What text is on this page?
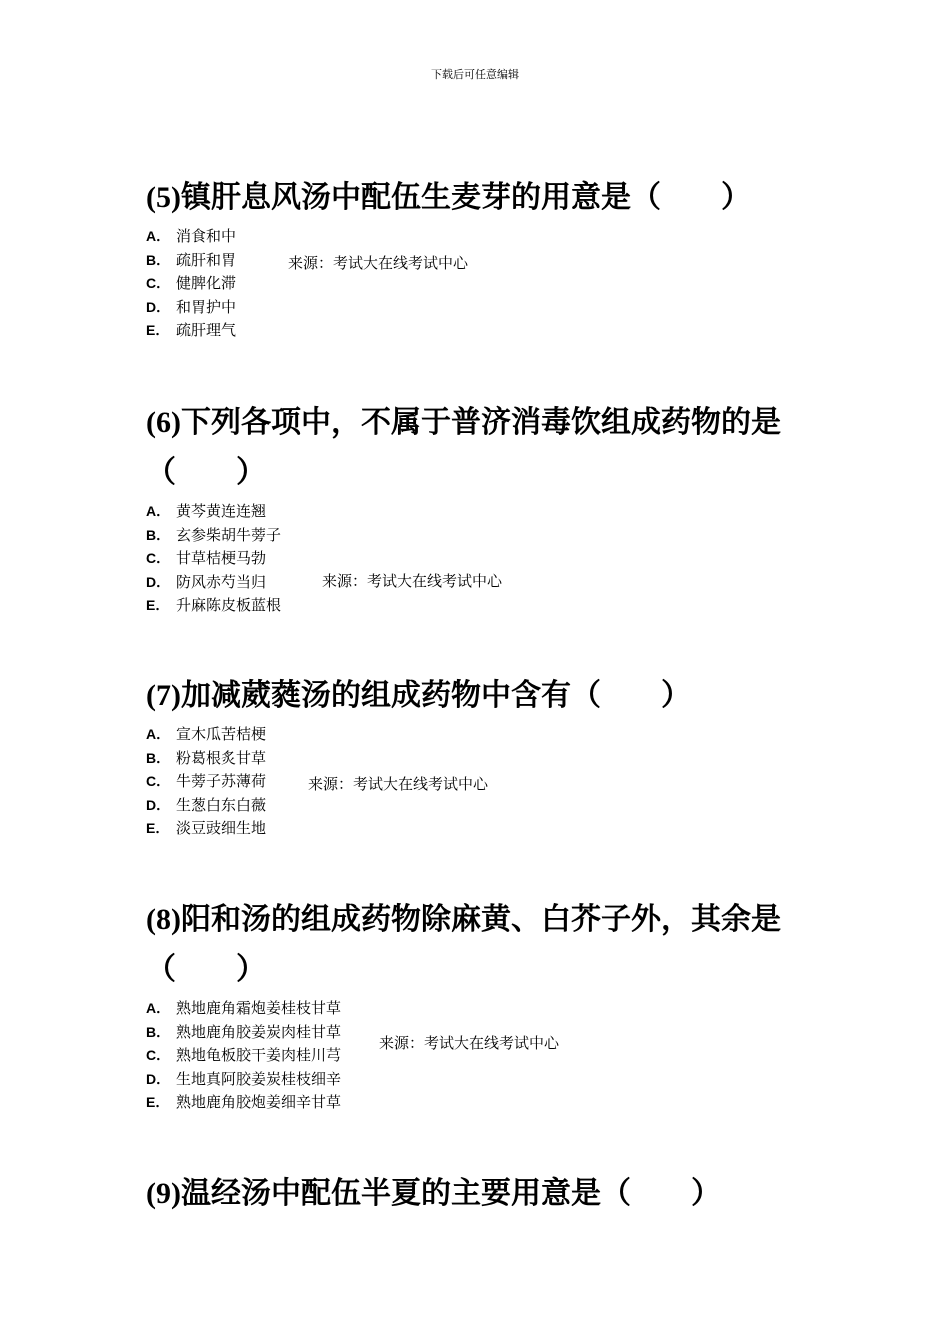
下载后可任意编辑

(5)镇肝息风汤中配伍生麦芽的用意是（　　）

A． 消食和中
B． 疏肝和胃
C． 健脾化滞
D． 和胃护中
E． 疏肝理气
来源：考试大在线考试中心

(6)下列各项中，不属于普济消毒饮组成药物的是（　　）

A． 黄芩黄连连翘
B． 玄参柴胡牛蒡子
C． 甘草桔梗马勃
D． 防风赤芍当归
E． 升麻陈皮板蓝根
来源：考试大在线考试中心

(7)加减葳蕤汤的组成药物中含有（　　）

A． 宣木瓜苦桔梗
B． 粉葛根炙甘草
C． 牛蒡子苏薄荷
D． 生葱白东白薇
E． 淡豆豉细生地
来源：考试大在线考试中心

(8)阳和汤的组成药物除麻黄、白芥子外，其余是（　　）

A． 熟地鹿角霜炮姜桂枝甘草
B． 熟地鹿角胶姜炭肉桂甘草
C． 熟地龟板胶干姜肉桂川芎
D． 生地真阿胶姜炭桂枝细辛
E． 熟地鹿角胶炮姜细辛甘草
来源：考试大在线考试中心

(9)温经汤中配伍半夏的主要用意是（　　）
